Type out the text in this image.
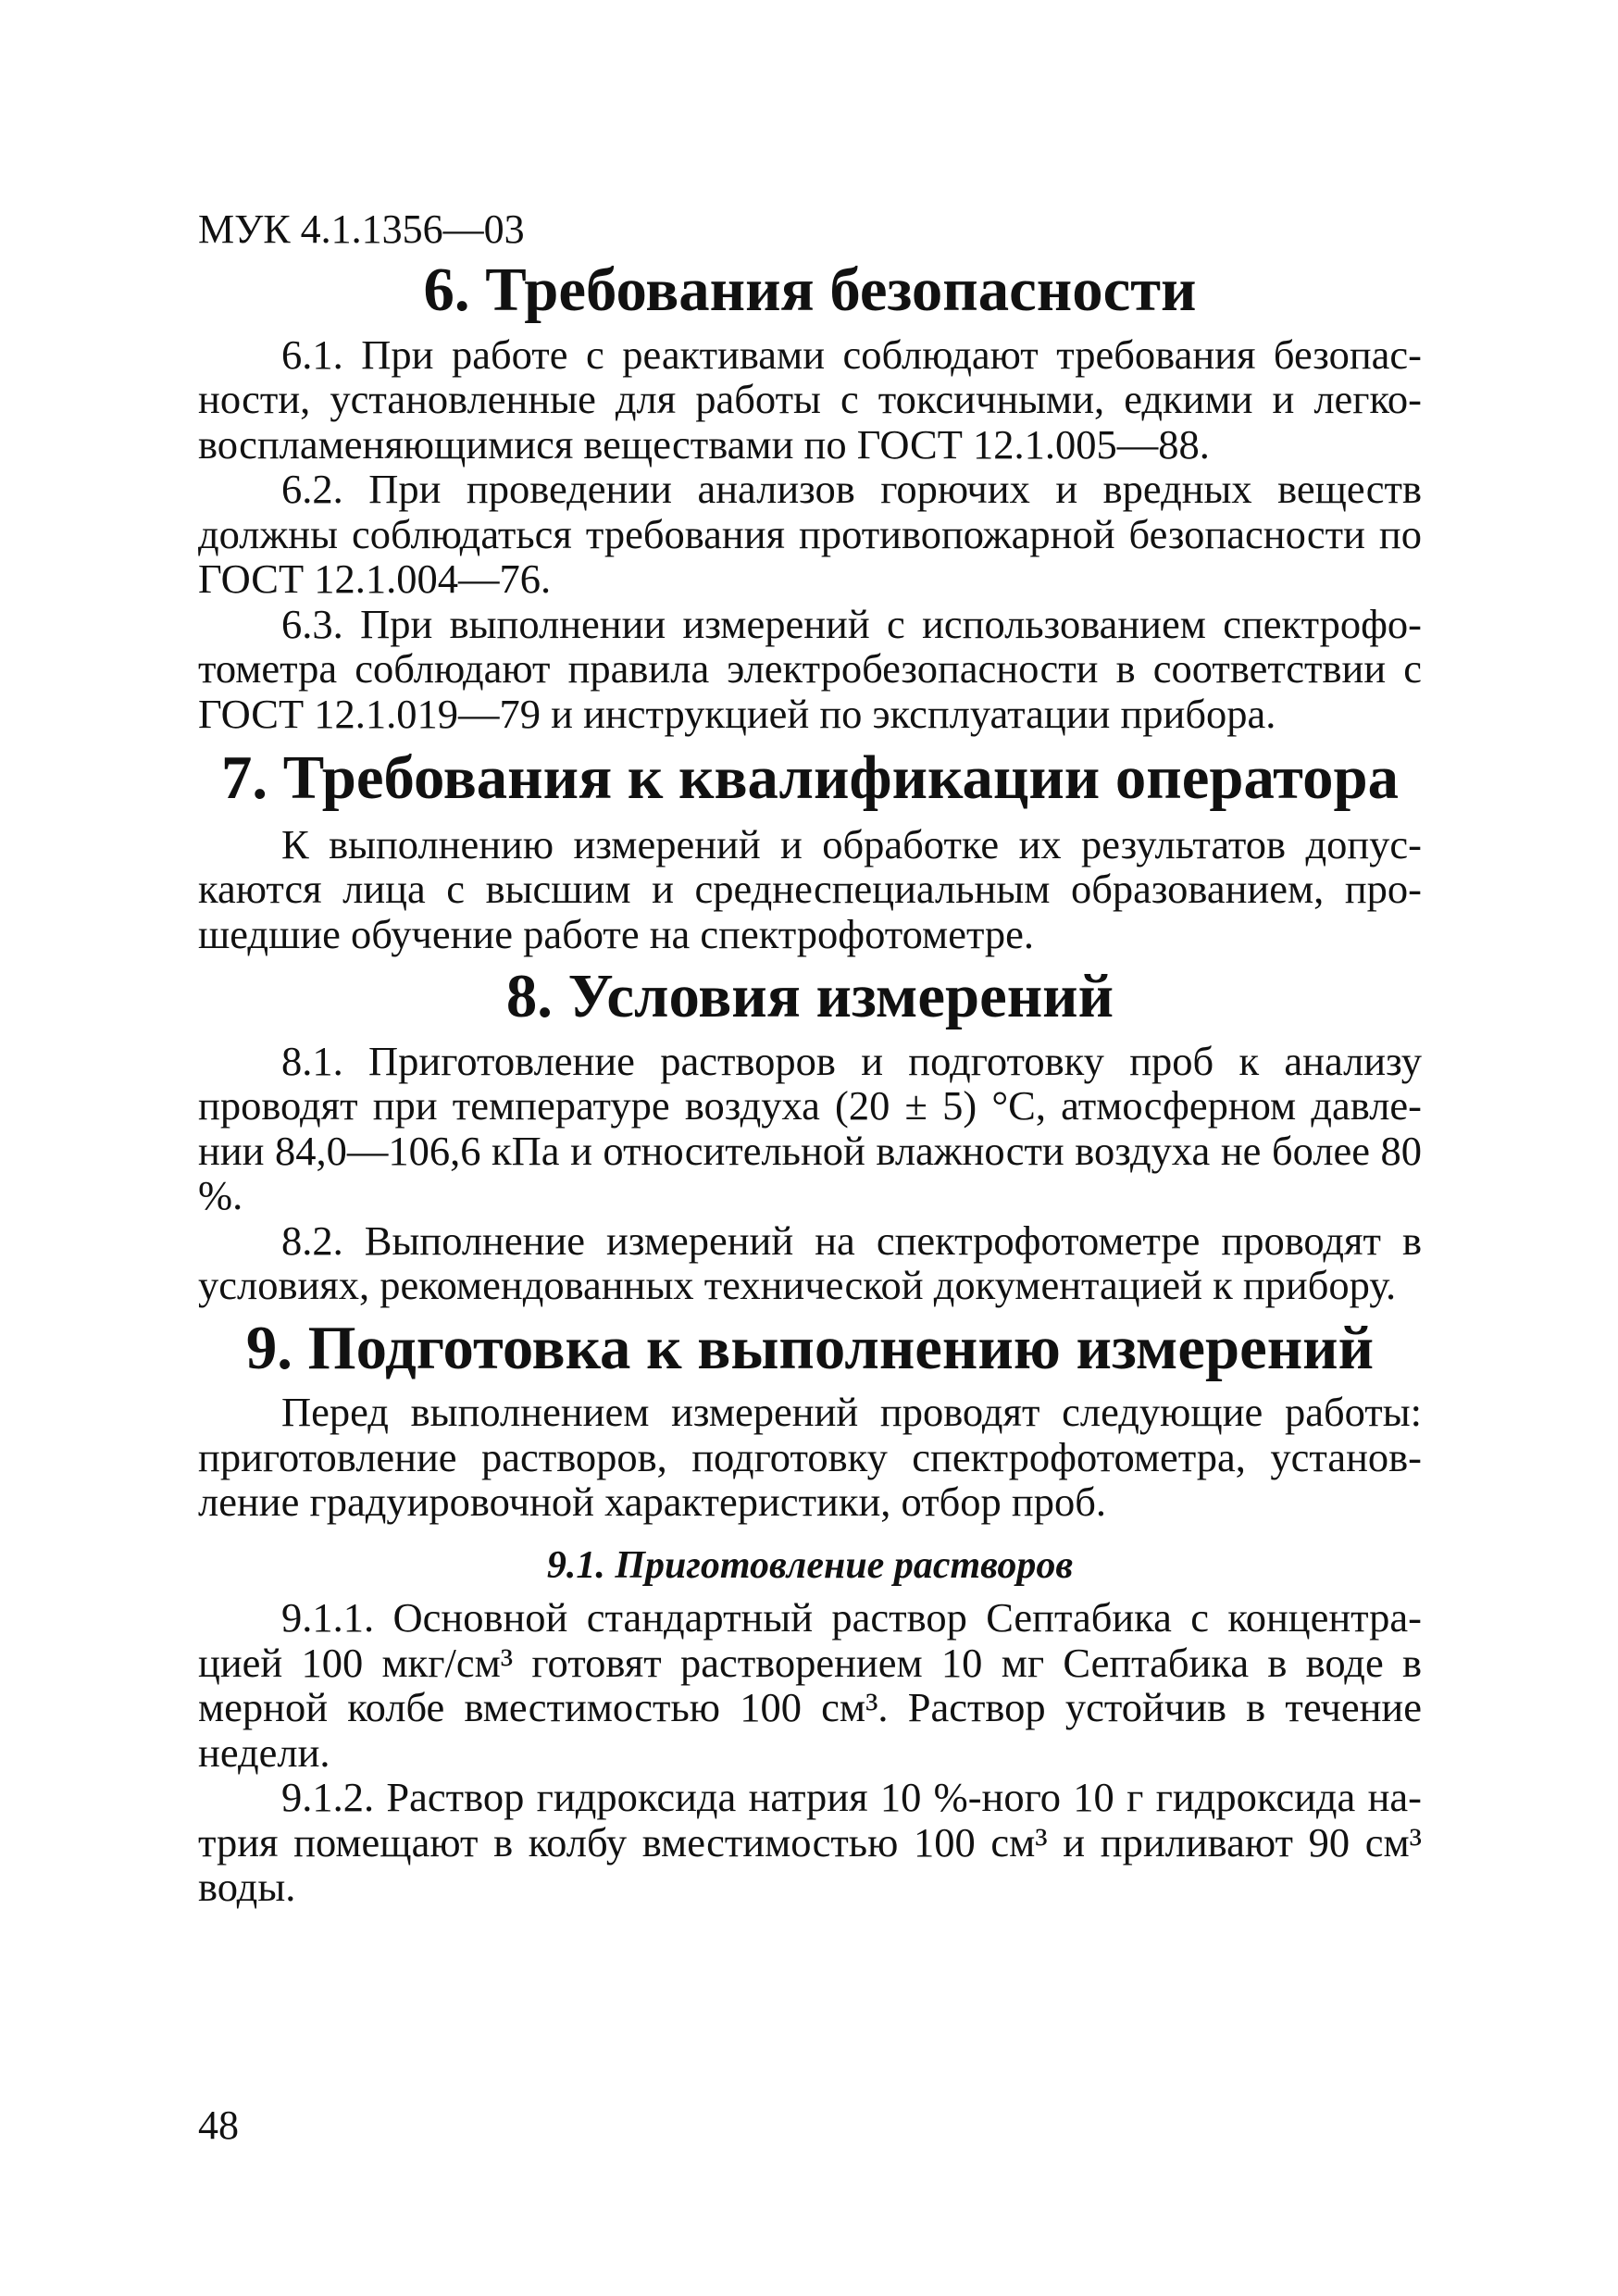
МУК 4.1.1356—03
6. Требования безопасности

6.1. При работе с реактивами соблюдают требования безопасности, установленные для работы с токсичными, едкими и легковоспламеняющимися веществами по ГОСТ 12.1.005—88.

6.2. При проведении анализов горючих и вредных веществ должны соблюдаться требования противопожарной безопасности по ГОСТ 12.1.004—76.

6.3. При выполнении измерений с использованием спектрофотометра соблюдают правила электробезопасности в соответствии с ГОСТ 12.1.019—79 и инструкцией по эксплуатации прибора.

7. Требования к квалификации оператора

К выполнению измерений и обработке их результатов допускаются лица с высшим и среднеспециальным образованием, прошедшие обучение работе на спектрофотометре.

8. Условия измерений

8.1. Приготовление растворов и подготовку проб к анализу проводят при температуре воздуха (20 ± 5) °С, атмосферном давлении 84,0—106,6 кПа и относительной влажности воздуха не более 80 %.

8.2. Выполнение измерений на спектрофотометре проводят в условиях, рекомендованных технической документацией к прибору.

9. Подготовка к выполнению измерений

Перед выполнением измерений проводят следующие работы: приготовление растворов, подготовку спектрофотометра, установление градуировочной характеристики, отбор проб.

9.1. Приготовление растворов

9.1.1. Основной стандартный раствор Септабика с концентрацией 100 мкг/см³ готовят растворением 10 мг Септабика в воде в мерной колбе вместимостью 100 см³. Раствор устойчив в течение недели.

9.1.2. Раствор гидроксида натрия 10 %-ного 10 г гидроксида натрия помещают в колбу вместимостью 100 см³ и приливают 90 см³ воды.

48
